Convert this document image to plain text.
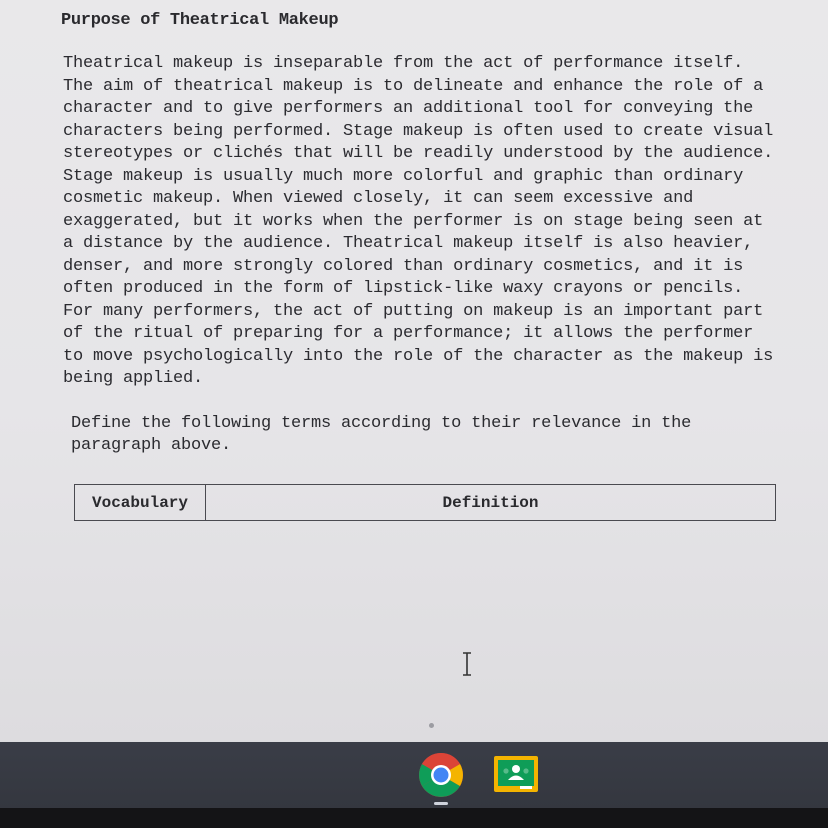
Purpose of Theatrical Makeup
Theatrical makeup is inseparable from the act of performance itself.
The aim of theatrical makeup is to delineate and enhance the role of a
character and to give performers an additional tool for conveying the
characters being performed. Stage makeup is often used to create visual
stereotypes or clichés that will be readily understood by the audience.
Stage makeup is usually much more colorful and graphic than ordinary
cosmetic makeup. When viewed closely, it can seem excessive and
exaggerated, but it works when the performer is on stage being seen at
a distance by the audience. Theatrical makeup itself is also heavier,
denser, and more strongly colored than ordinary cosmetics, and it is
often produced in the form of lipstick-like waxy crayons or pencils.
For many performers, the act of putting on makeup is an important part
of the ritual of preparing for a performance; it allows the performer
to move psychologically into the role of the character as the makeup is
being applied.
Define the following terms according to their relevance in the
paragraph above.
Vocabulary	Definition
